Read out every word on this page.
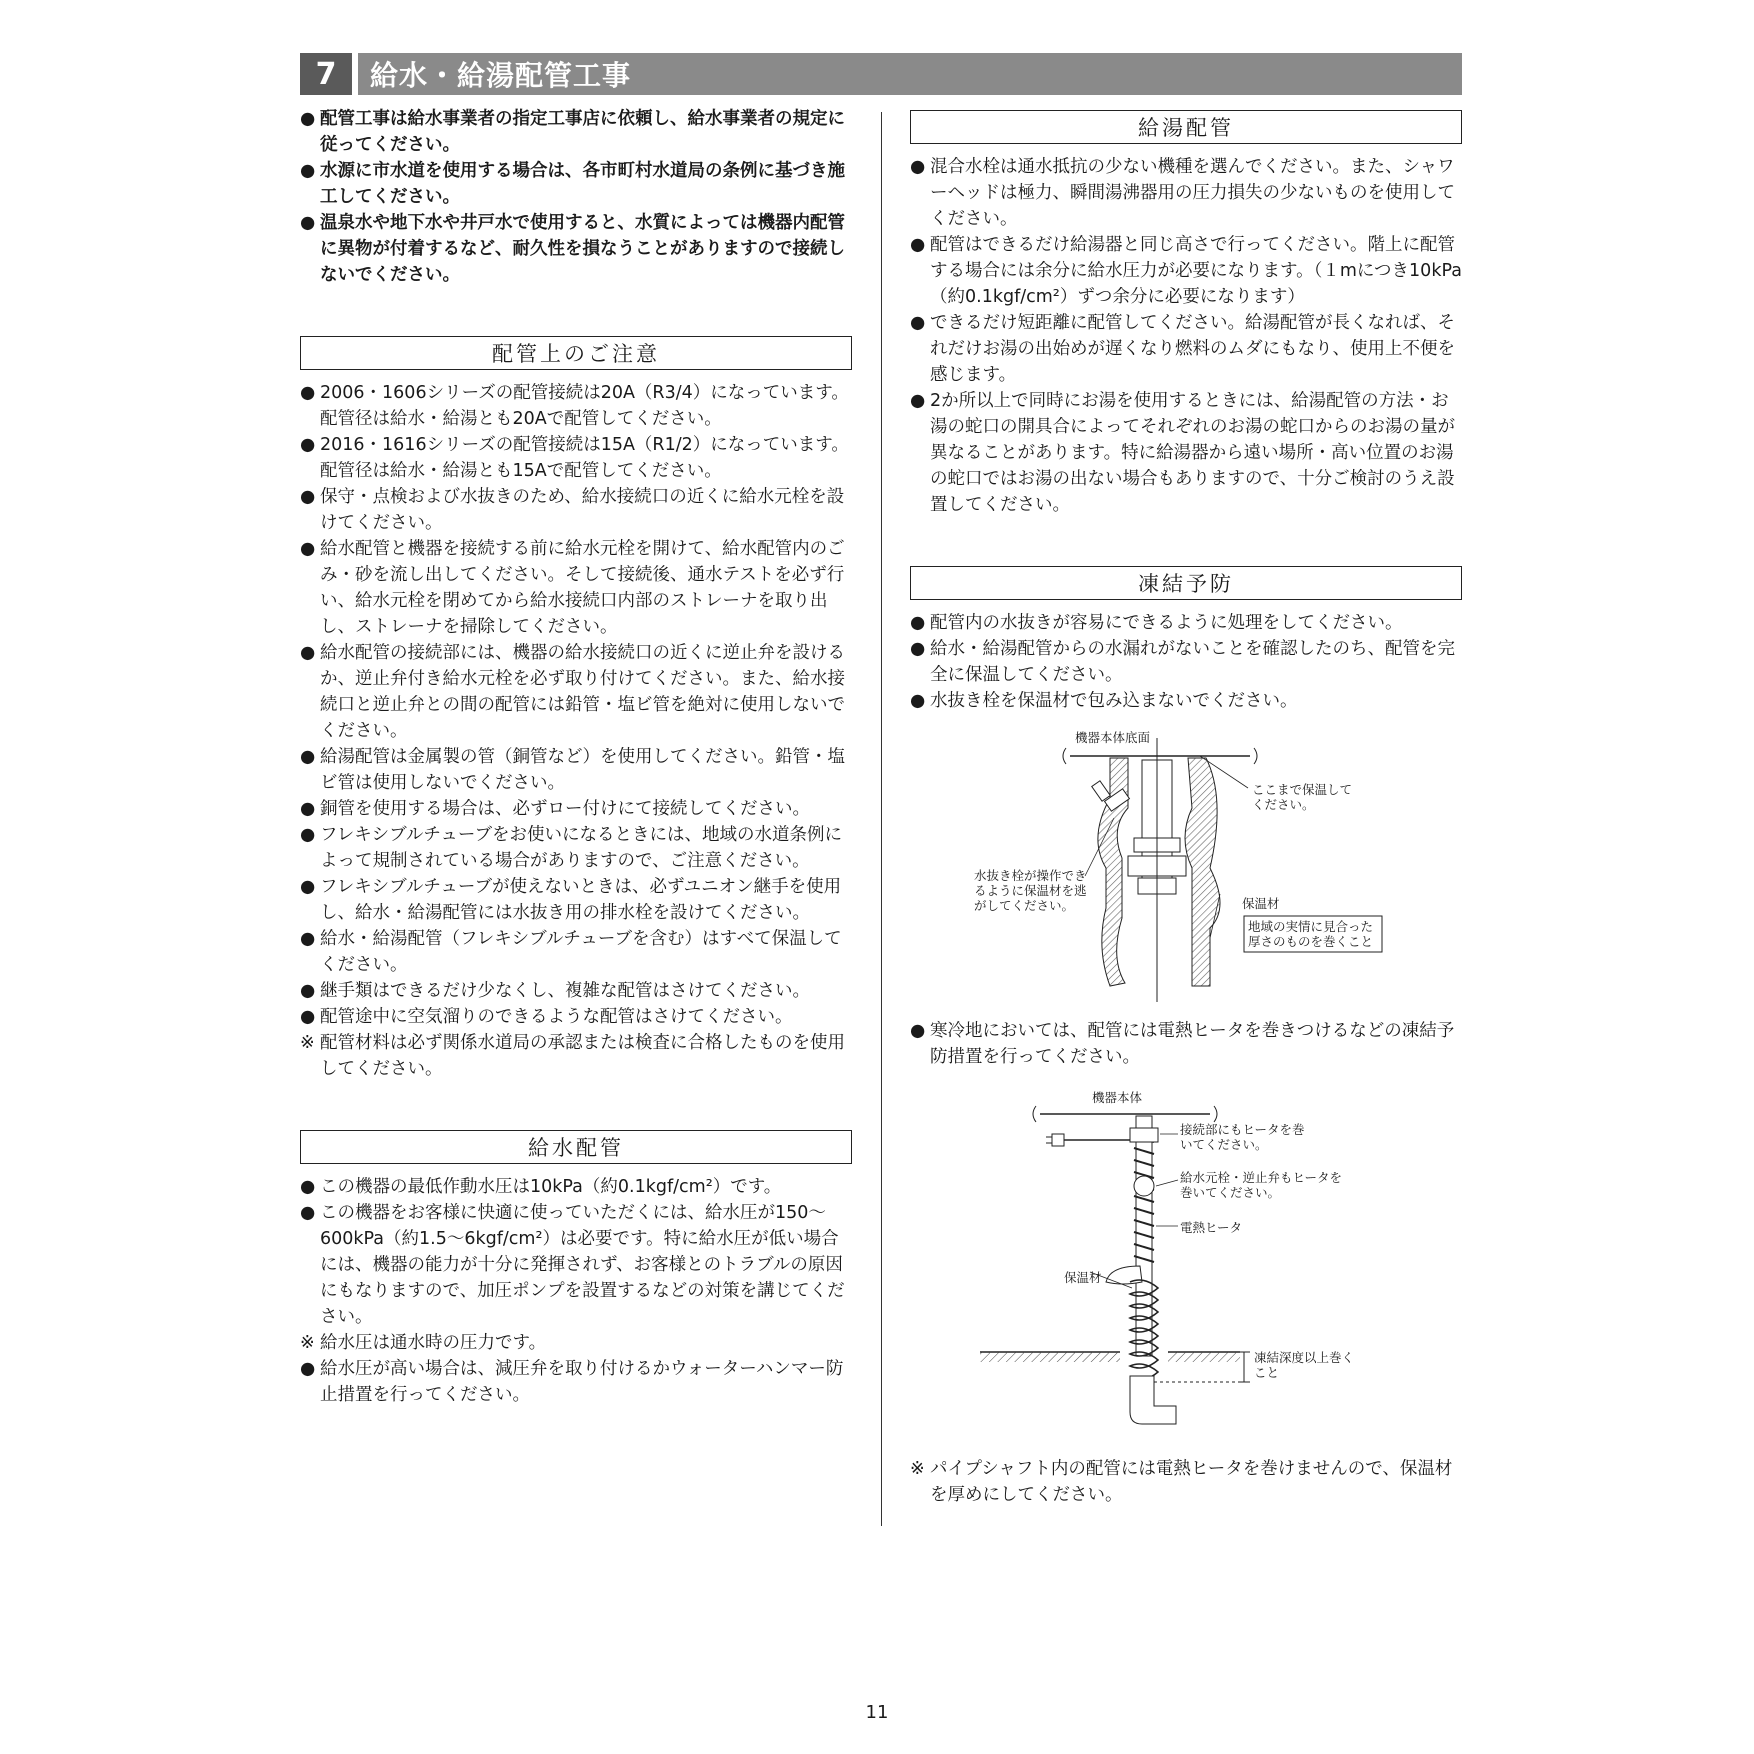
7	給水・給湯配管工事

● 配管工事は給水事業者の指定工事店に依頼し、給水事業者の規定に従ってください。

● 水源に市水道を使用する場合は、各市町村水道局の条例に基づき施工してください。

● 温泉水や地下水や井戸水で使用すると、水質によっては機器内配管に異物が付着するなど、耐久性を損なうことがありますので接続しないでください。

配管上のご注意

● 2006・1606シリーズの配管接続は20A（R3/4）になっています。配管径は給水・給湯とも20Aで配管してください。

● 2016・1616シリーズの配管接続は15A（R1/2）になっています。配管径は給水・給湯とも15Aで配管してください。

● 保守・点検および水抜きのため、給水接続口の近くに給水元栓を設けてください。

● 給水配管と機器を接続する前に給水元栓を開けて、給水配管内のごみ・砂を流し出してください。そして接続後、通水テストを必ず行い、給水元栓を閉めてから給水接続口内部のストレーナを取り出し、ストレーナを掃除してください。

● 給水配管の接続部には、機器の給水接続口の近くに逆止弁を設けるか、逆止弁付き給水元栓を必ず取り付けてください。また、給水接続口と逆止弁との間の配管には鉛管・塩ビ管を絶対に使用しないでください。

● 給湯配管は金属製の管（銅管など）を使用してください。鉛管・塩ビ管は使用しないでください。

● 銅管を使用する場合は、必ずロー付けにて接続してください。

● フレキシブルチューブをお使いになるときには、地域の水道条例によって規制されている場合がありますので、ご注意ください。

● フレキシブルチューブが使えないときは、必ずユニオン継手を使用し、給水・給湯配管には水抜き用の排水栓を設けてください。

● 給水・給湯配管（フレキシブルチューブを含む）はすべて保温してください。

● 継手類はできるだけ少なくし、複雑な配管はさけてください。

● 配管途中に空気溜りのできるような配管はさけてください。

※ 配管材料は必ず関係水道局の承認または検査に合格したものを使用してください。

給水配管

● この機器の最低作動水圧は10kPa（約0.1kgf/cm²）です。

● この機器をお客様に快適に使っていただくには、給水圧が150〜600kPa（約1.5〜6kgf/cm²）は必要です。特に給水圧が低い場合には、機器の能力が十分に発揮されず、お客様とのトラブルの原因にもなりますので、加圧ポンプを設置するなどの対策を講じてください。

※ 給水圧は通水時の圧力です。

● 給水圧が高い場合は、減圧弁を取り付けるかウォーターハンマー防止措置を行ってください。

給湯配管

● 混合水栓は通水抵抗の少ない機種を選んでください。また、シャワーヘッドは極力、瞬間湯沸器用の圧力損失の少ないものを使用してください。

● 配管はできるだけ給湯器と同じ高さで行ってください。階上に配管する場合には余分に給水圧力が必要になります。（１mにつき10kPa（約0.1kgf/cm²）ずつ余分に必要になります）

● できるだけ短距離に配管してください。給湯配管が長くなれば、それだけお湯の出始めが遅くなり燃料のムダにもなり、使用上不便を感じます。

● 2か所以上で同時にお湯を使用するときには、給湯配管の方法・お湯の蛇口の開具合によってそれぞれのお湯の蛇口からのお湯の量が異なることがあります。特に給湯器から遠い場所・高い位置のお湯の蛇口ではお湯の出ない場合もありますので、十分ご検討のうえ設置してください。

凍結予防

● 配管内の水抜きが容易にできるように処理をしてください。

● 給水・給湯配管からの水漏れがないことを確認したのち、配管を完全に保温してください。

● 水抜き栓を保温材で包み込まないでください。

機器本体底面
ここまで保温してください。
水抜き栓が操作できるように保温材を逃がしてください。	保温材
地域の実情に見合った厚さのものを巻くこと

● 寒冷地においては、配管には電熱ヒータを巻きつけるなどの凍結予防措置を行ってください。

機器本体
接続部にもヒータを巻いてください。
給水元栓・逆止弁もヒータを巻いてください。
電熱ヒータ
保温材
凍結深度以上巻くこと

※ パイプシャフト内の配管には電熱ヒータを巻けませんので、保温材を厚めにしてください。

11
